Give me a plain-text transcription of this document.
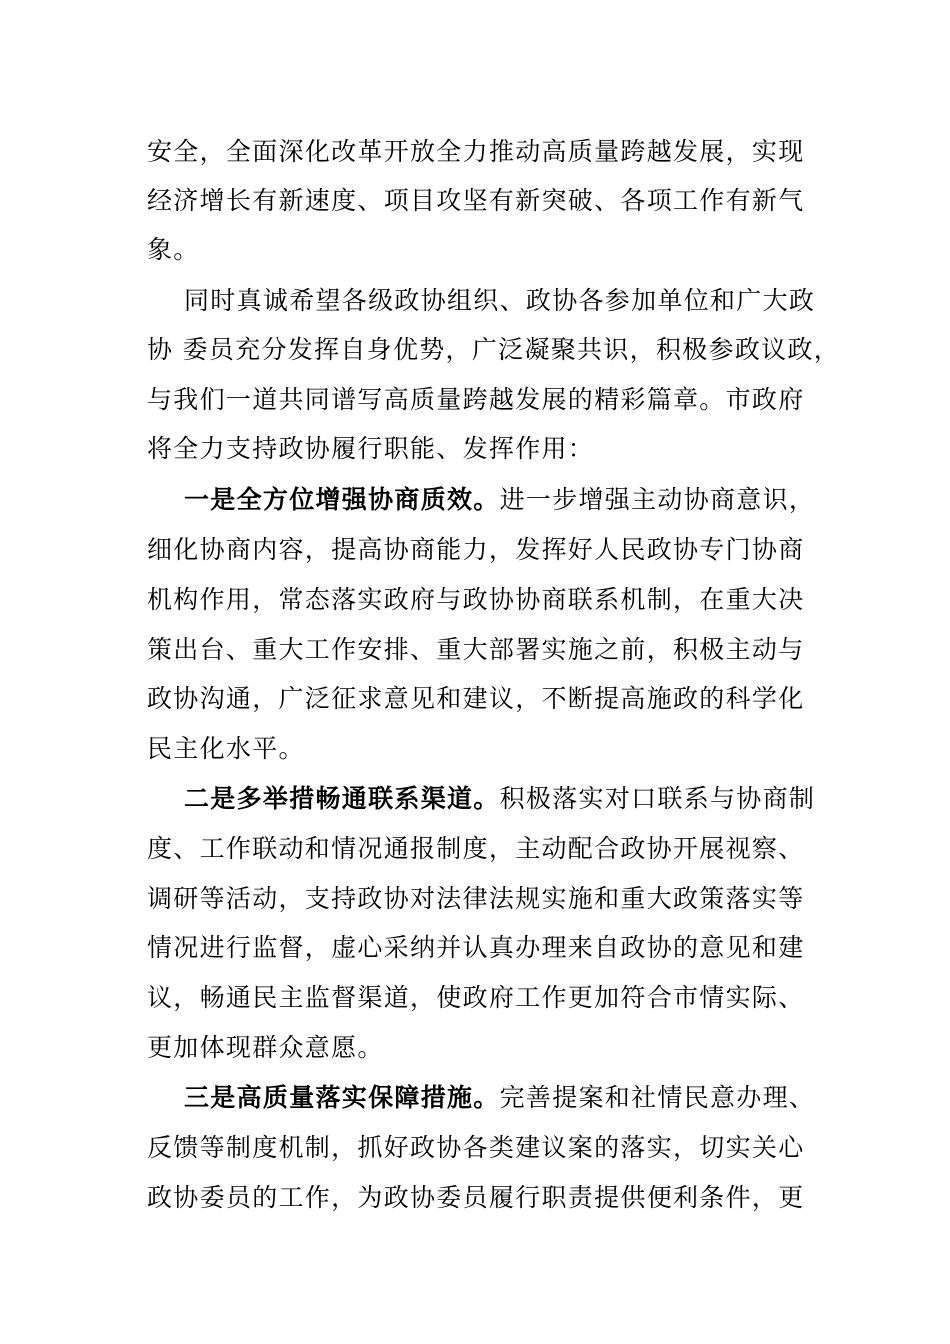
安全，全面深化改革开放全力推动高质量跨越发展，实现

经济增长有新速度、项目攻坚有新突破、各项工作有新气

象。

同时真诚希望各级政协组织、政协各参加单位和广大政

协 委员充分发挥自身优势，广泛凝聚共识，积极参政议政，

与我们一道共同谱写高质量跨越发展的精彩篇章。市政府

将全力支持政协履行职能、发挥作用：

一是全方位增强协商质效。进一步增强主动协商意识，

细化协商内容，提高协商能力，发挥好人民政协专门协商

机构作用，常态落实政府与政协协商联系机制，在重大决

策出台、重大工作安排、重大部署实施之前，积极主动与

政协沟通，广泛征求意见和建议，不断提高施政的科学化

民主化水平。

二是多举措畅通联系渠道。积极落实对口联系与协商制

度、工作联动和情况通报制度，主动配合政协开展视察、

调研等活动，支持政协对法律法规实施和重大政策落实等

情况进行监督，虚心采纳并认真办理来自政协的意见和建

议，畅通民主监督渠道，使政府工作更加符合市情实际、

更加体现群众意愿。

三是高质量落实保障措施。完善提案和社情民意办理、

反馈等制度机制，抓好政协各类建议案的落实，切实关心

政协委员的工作，为政协委员履行职责提供便利条件，更
